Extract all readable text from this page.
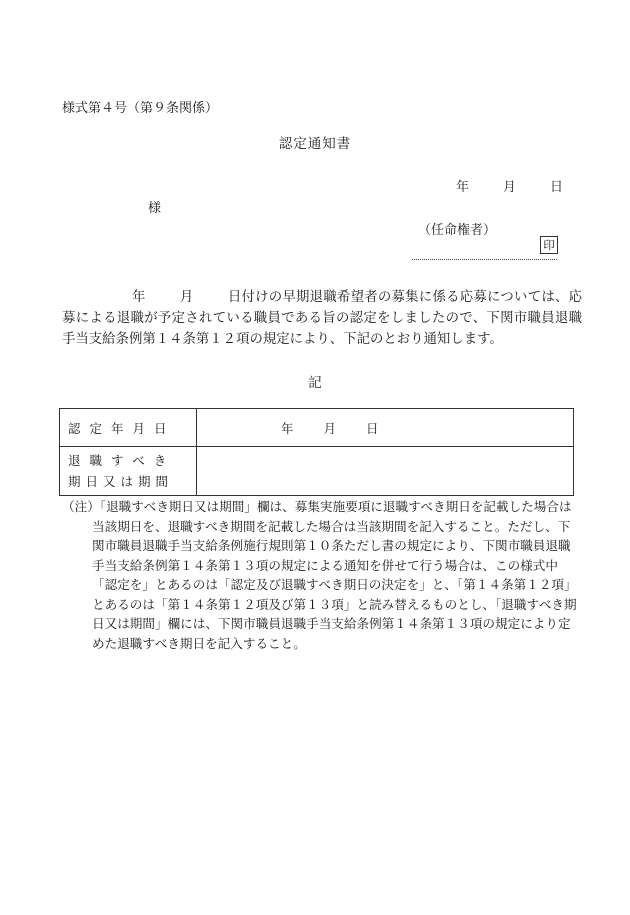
様式第４号（第９条関係）
認定通知書
年	月	日
様
（任命権者）
印
年	月	日付けの早期退職希望者の募集に係る応募については、応募による退職が予定されている職員である旨の認定をしましたので、下関市職員退職手当支給条例第１４条第１２項の規定により、下記のとおり通知します。
記
認定年月日	年 月 日

退職すべき
期日又は期間	

（注）「退職すべき期日又は期間」欄は、募集実施要項に退職すべき期日を記載した場合は当該期日を、退職すべき期間を記載した場合は当該期間を記入すること。ただし、下関市職員退職手当支給条例施行規則第１０条ただし書の規定により、下関市職員退職手当支給条例第１４条第１３項の規定による通知を併せて行う場合は、この様式中「認定を」とあるのは「認定及び退職すべき期日の決定を」と、「第１４条第１２項」とあるのは「第１４条第１２項及び第１３項」と読み替えるものとし、「退職すべき期日又は期間」欄には、下関市職員退職手当支給条例第１４条第１３項の規定により定めた退職すべき期日を記入すること。
